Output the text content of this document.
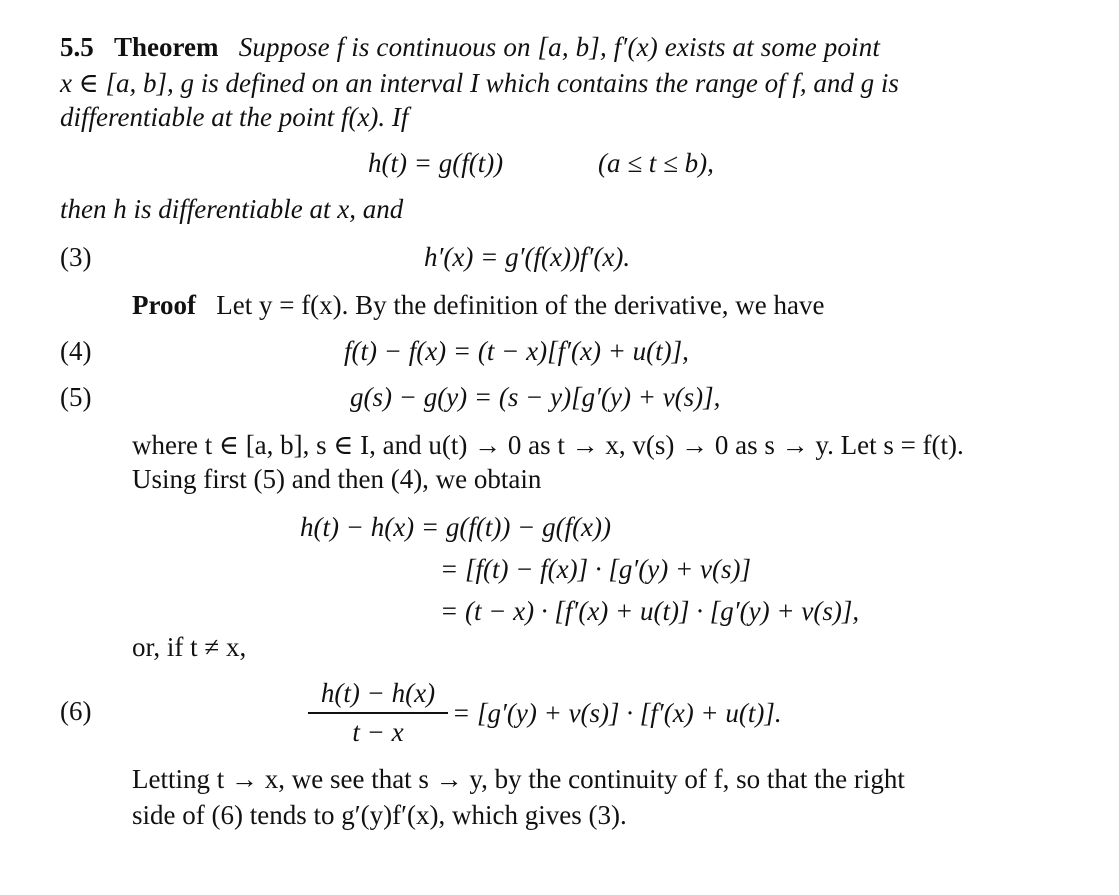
5.5 Theorem Suppose f is continuous on [a, b], f′(x) exists at some point
x ∈ [a, b], g is defined on an interval I which contains the range of f, and g is
differentiable at the point f(x). If
h(t) = g(f(t))	(a ≤ t ≤ b),
then h is differentiable at x, and
(3)	h′(x) = g′(f(x))f′(x).
Proof Let y = f(x). By the definition of the derivative, we have
(4)	f(t) − f(x) = (t − x)[f′(x) + u(t)],
(5)	g(s) − g(y) = (s − y)[g′(y) + v(s)],
where t ∈ [a, b], s ∈ I, and u(t) → 0 as t → x, v(s) → 0 as s → y. Let s = f(t).
Using first (5) and then (4), we obtain
h(t) − h(x) = g(f(t)) − g(f(x))
= [f(t) − f(x)] · [g′(y) + v(s)]
= (t − x) · [f′(x) + u(t)] · [g′(y) + v(s)],
or, if t ≠ x,
(6)
h(t) − h(x)
t − x
= [g′(y) + v(s)] · [f′(x) + u(t)].
Letting t → x, we see that s → y, by the continuity of f, so that the right
side of (6) tends to g′(y)f′(x), which gives (3).
